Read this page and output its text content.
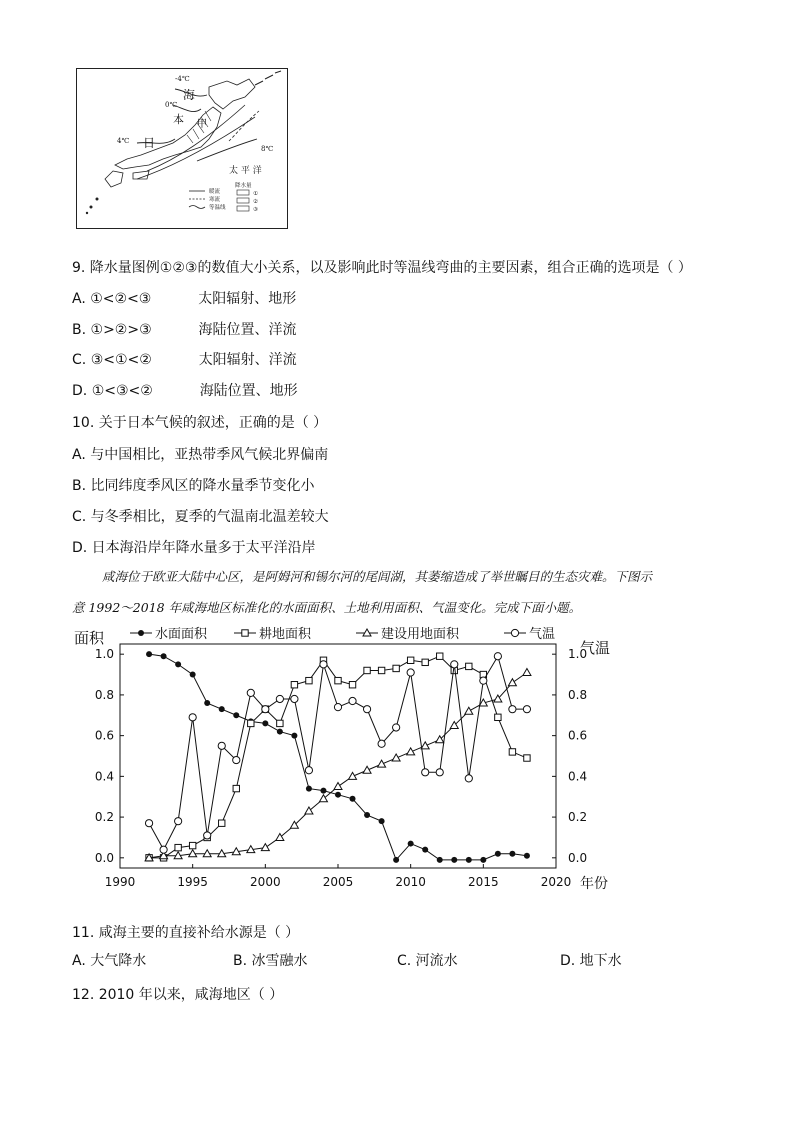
-4℃
0℃
4℃
8℃
海
本 甲
日
太 平 洋
暖流
寒流
等温线
降水量
①
②
③
9. 降水量图例①②③的数值大小关系，以及影响此时等温线弯曲的主要因素，组合正确的选项是（ ）
A. ①<②<③	太阳辐射、地形
B. ①>②>③	海陆位置、洋流
C. ③<①<②	太阳辐射、洋流
D. ①<③<②	海陆位置、地形
10. 关于日本气候的叙述，正确的是（ ）
A. 与中国相比，亚热带季风气候北界偏南
B. 比同纬度季风区的降水量季节变化小
C. 与冬季相比，夏季的气温南北温差较大
D. 日本海沿岸年降水量多于太平洋沿岸
咸海位于欧亚大陆中心区，是阿姆河和锡尔河的尾闾湖，其萎缩造成了举世瞩目的生态灾难。下图示
意 1992～2018 年咸海地区标准化的水面面积、土地利用面积、气温变化。完成下面小题。
0.0	0.0
0.2	0.2
0.4	0.4
0.6	0.6
0.8	0.8
1.0	1.0
1990	1995	2000	2005	2010	2015	2020
面积
气温
年份
水面面积	耕地面积	建设用地面积	气温
11. 咸海主要的直接补给水源是（ ）
A. 大气降水	B. 冰雪融水	C. 河流水	D. 地下水
12. 2010 年以来，咸海地区（ ）
